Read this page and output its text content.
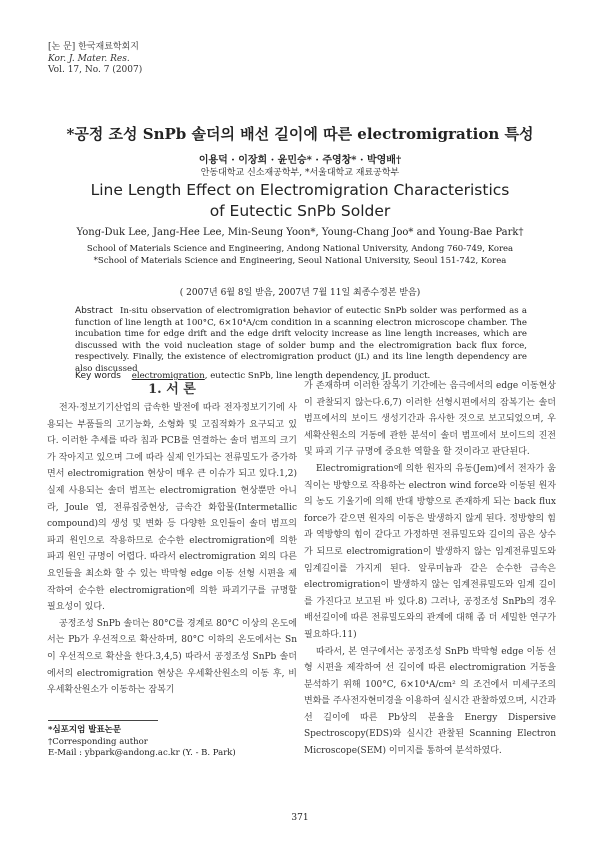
[논 문] 한국재료학회지
Kor. J. Mater. Res.
Vol. 17, No. 7 (2007)
*공정 조성 SnPb 솔더의 배선 길이에 따른 electromigration 특성
이용덕 · 이장희 · 윤민승* · 주영창* · 박영배†
안동대학교 신소재공학부, *서울대학교 재료공학부
Line Length Effect on Electromigration Characteristics
of Eutectic SnPb Solder
Yong-Duk Lee, Jang-Hee Lee, Min-Seung Yoon*, Young-Chang Joo* and Young-Bae Park†
School of Materials Science and Engineering, Andong National University, Andong 760-749, Korea
*School of Materials Science and Engineering, Seoul National University, Seoul 151-742, Korea
( 2007년 6월 8일 받음, 2007년 7월 11일 최종수정본 받음)
Abstract In-situ observation of electromigration behavior of eutectic SnPb solder was performed as a function of line length at 100°C, 6×10⁴A/cm condition in a scanning electron microscope chamber. The incubation time for edge drift and the edge drift velocity increase as line length increases, which are discussed with the void nucleation stage of solder bump and the electromigration back flux force, respectively. Finally, the existence of electromigration product (jL) and its line length dependency are also discussed
Key words electromigration, eutectic SnPb, line length dependency, jL product.

1. 서 론

전자·정보기기산업의 급속한 발전에 따라 전자정보기기에 사용되는 부품들의 고기능화, 소형화 및 고집적화가 요구되고 있다. 이러한 추세를 따라 칩과 PCB를 연결하는 솔더 범프의 크기가 작아지고 있으며 그에 따라 실제 인가되는 전류밀도가 증가하면서 electromigration 현상이 매우 큰 이슈가 되고 있다.1,2) 실제 사용되는 솔더 범프는 electromigration 현상뿐만 아니라, Joule 열, 전류집중현상, 금속간 화합물(Intermetallic compound)의 생성 및 변화 등 다양한 요인들이 솔더 범프의 파괴 원인으로 작용하므로 순수한 electromigration에 의한 파괴 원인 규명이 어렵다. 따라서 electromigration 외의 다른 요인들을 최소화 할 수 있는 박막형 edge 이동 선형 시편을 제작하여 순수한 electromigration에 의한 파괴기구를 규명할 필요성이 있다.

공정조성 SnPb 솔더는 80°C를 경계로 80°C 이상의 온도에서는 Pb가 우선적으로 확산하며, 80°C 이하의 온도에서는 Sn이 우선적으로 확산을 한다.3,4,5) 따라서 공정조성 SnPb 솔더에서의 electromigration 현상은 우세확산원소의 이동 후, 비 우세확산원소가 이동하는 잠복기

가 존재하며 이러한 잠복기 기간에는 음극에서의 edge 이동현상이 관찰되지 않는다.6,7) 이러한 선형시편에서의 잠복기는 솔더 범프에서의 보이드 생성기간과 유사한 것으로 보고되었으며, 우세확산원소의 거동에 관한 분석이 솔더 범프에서 보이드의 진전 및 파괴 기구 규명에 중요한 역할을 할 것이라고 판단된다.

Electromigration에 의한 원자의 유동(Jem)에서 전자가 움직이는 방향으로 작용하는 electron wind force와 이동된 원자의 농도 기울기에 의해 반대 방향으로 존재하게 되는 back flux force가 같으면 원자의 이동은 발생하지 않게 된다. 정방향의 힘과 역방향의 힘이 같다고 가정하면 전류밀도와 길이의 곱은 상수가 되므로 electromigration이 발생하지 않는 임계전류밀도와 임계길이를 가지게 된다. 알루미늄과 같은 순수한 금속은 electromigration이 발생하지 않는 임계전류밀도와 임계 길이를 가진다고 보고된 바 있다.8) 그러나, 공정조성 SnPb의 경우 배선길이에 따른 전류밀도와의 관계에 대해 좀 더 세밀한 연구가 필요하다.11)

따라서, 본 연구에서는 공정조성 SnPb 박막형 edge 이동 선형 시편을 제작하여 선 길이에 따른 electromigration 거동을 분석하기 위해 100°C, 6×10⁴A/cm² 의 조건에서 미세구조의 변화를 주사전자현미경을 이용하여 실시간 관찰하였으며, 시간과 선 길이에 따른 Pb상의 분율을 Energy Dispersive Spectroscopy(EDS)와 실시간 관찰된 Scanning Electron Microscope(SEM) 이미지를 통하여 분석하였다.

*심포지엄 발표논문
†Corresponding author
E-Mail : ybpark@andong.ac.kr (Y. - B. Park)
371
